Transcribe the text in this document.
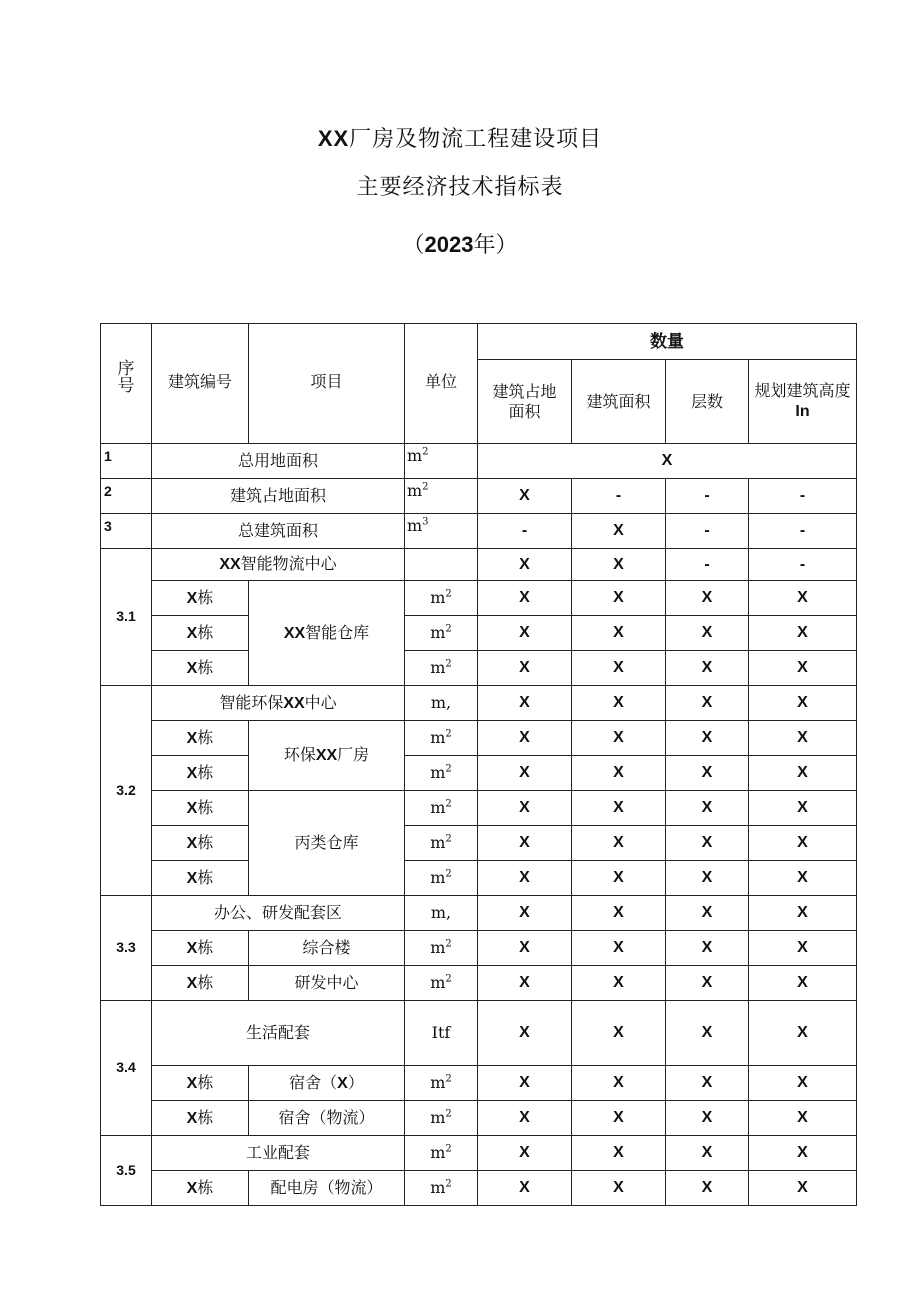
XX厂房及物流工程建设项目
主要经济技术指标表
（2023年）
序号	建筑编号	项目	单位	数量			
				建筑占地面积	建筑面积	层数	规划建筑高度In
1	总用地面积		$m^2$	X			
2	建筑占地面积		$m^2$	X	-	-	-
3	总建筑面积		$m^3$	-	X	-	-
3.1	XX智能物流中心			X	X	-	-
	X栋	XX智能仓库	$m^2$	X	X	X	X
	X栋		$m^2$	X	X	X	X
	X栋		$m^2$	X	X	X	X
3.2	智能环保XX中心		m,	X	X	X	X
	X栋	环保XX厂房	$m^2$	X	X	X	X
	X栋		$m^2$	X	X	X	X
	X栋	丙类仓库	$m^2$	X	X	X	X
	X栋		$m^2$	X	X	X	X
	X栋		$m^2$	X	X	X	X
3.3	办公、研发配套区		m,	X	X	X	X
	X栋	综合楼	$m^2$	X	X	X	X
	X栋	研发中心	$m^2$	X	X	X	X
3.4	生活配套		Itf	X	X	X	X
	X栋	宿舍（X）	$m^2$	X	X	X	X
	X栋	宿舍（物流）	$m^2$	X	X	X	X
3.5	工业配套		$m^2$	X	X	X	X
	X栋	配电房（物流）	$m^2$	X	X	X	X
